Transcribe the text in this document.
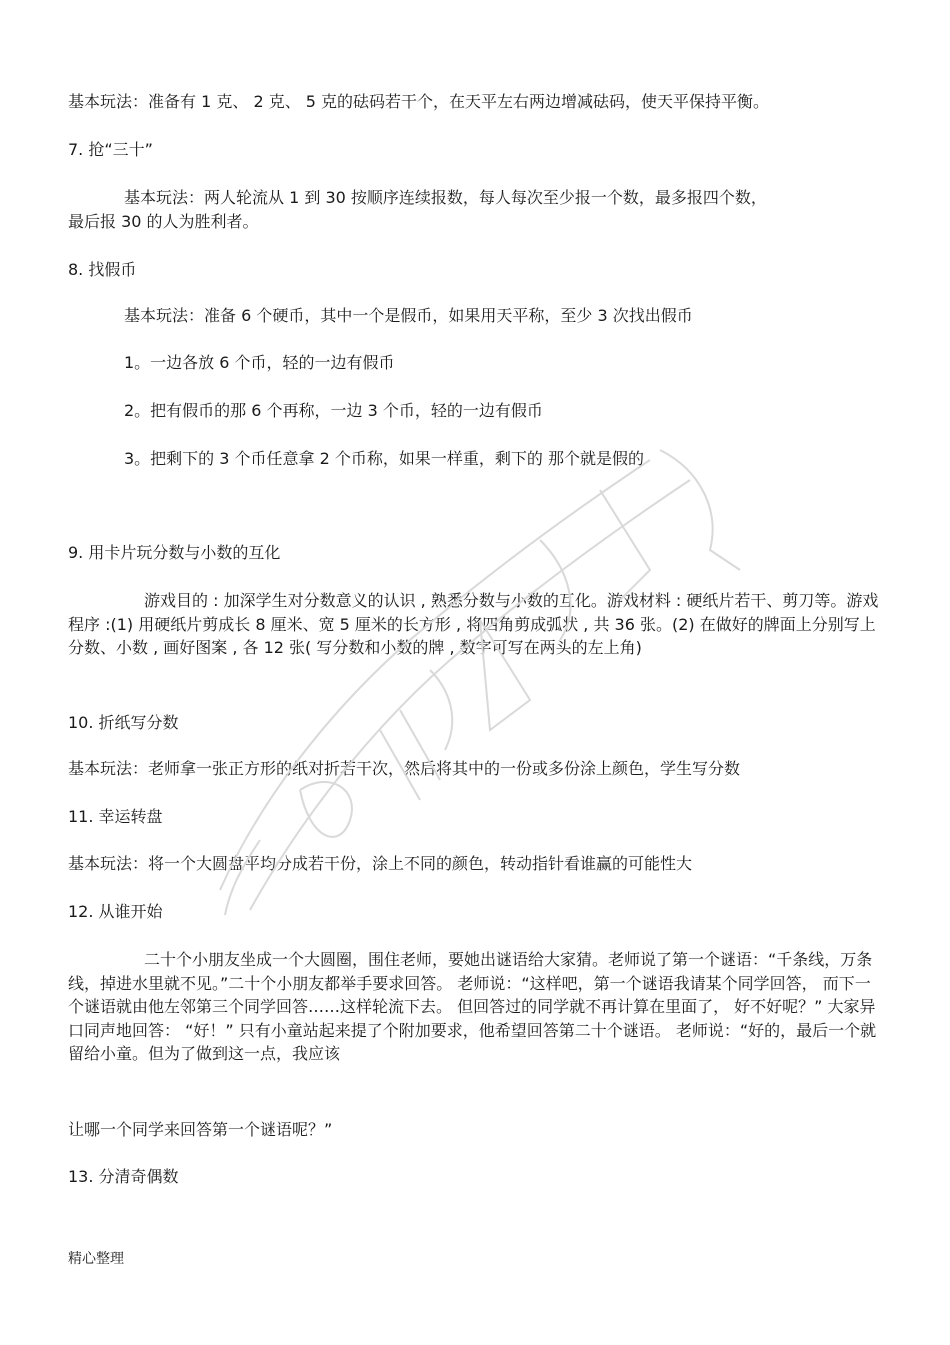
基本玩法：准备有 1 克、 2 克、 5 克的砝码若干个，在天平左右两边增减砝码，使天平保持平衡。
7. 抢“三十”
基本玩法：两人轮流从 1 到 30 按顺序连续报数，每人每次至少报一个数，最多报四个数，
最后报 30 的人为胜利者。
8. 找假币
基本玩法：准备 6 个硬币，其中一个是假币，如果用天平称，至少 3 次找出假币
1。一边各放 6 个币，轻的一边有假币
2。把有假币的那 6 个再称，一边 3 个币，轻的一边有假币
3。把剩下的 3 个币任意拿 2 个币称，如果一样重，剩下的 那个就是假的
9. 用卡片玩分数与小数的互化
游戏目的 : 加深学生对分数意义的认识 , 熟悉分数与小数的互化。游戏材料 : 硬纸片若干、剪刀等。游戏程序 :(1) 用硬纸片剪成长 8 厘米、宽 5 厘米的长方形 , 将四角剪成弧状 , 共 36 张。(2) 在做好的牌面上分别写上分数、小数 , 画好图案 , 各 12 张( 写分数和小数的牌 , 数字可写在两头的左上角)
10. 折纸写分数
基本玩法：老师拿一张正方形的纸对折若干次，然后将其中的一份或多份涂上颜色，学生写分数
11. 幸运转盘
基本玩法：将一个大圆盘平均分成若干份，涂上不同的颜色，转动指针看谁赢的可能性大
12. 从谁开始
二十个小朋友坐成一个大圆圈，围住老师，要她出谜语给大家猜。老师说了第一个谜语：“千条线，万条线，掉进水里就不见。”二十个小朋友都举手要求回答。 老师说：“这样吧，第一个谜语我请某个同学回答， 而下一个谜语就由他左邻第三个同学回答……这样轮流下去。 但回答过的同学就不再计算在里面了， 好不好呢？” 大家异口同声地回答： “好！” 只有小童站起来提了个附加要求，他希望回答第二十个谜语。 老师说：“好的，最后一个就留给小童。但为了做到这一点，我应该
让哪一个同学来回答第一个谜语呢？”
13. 分清奇偶数
精心整理
